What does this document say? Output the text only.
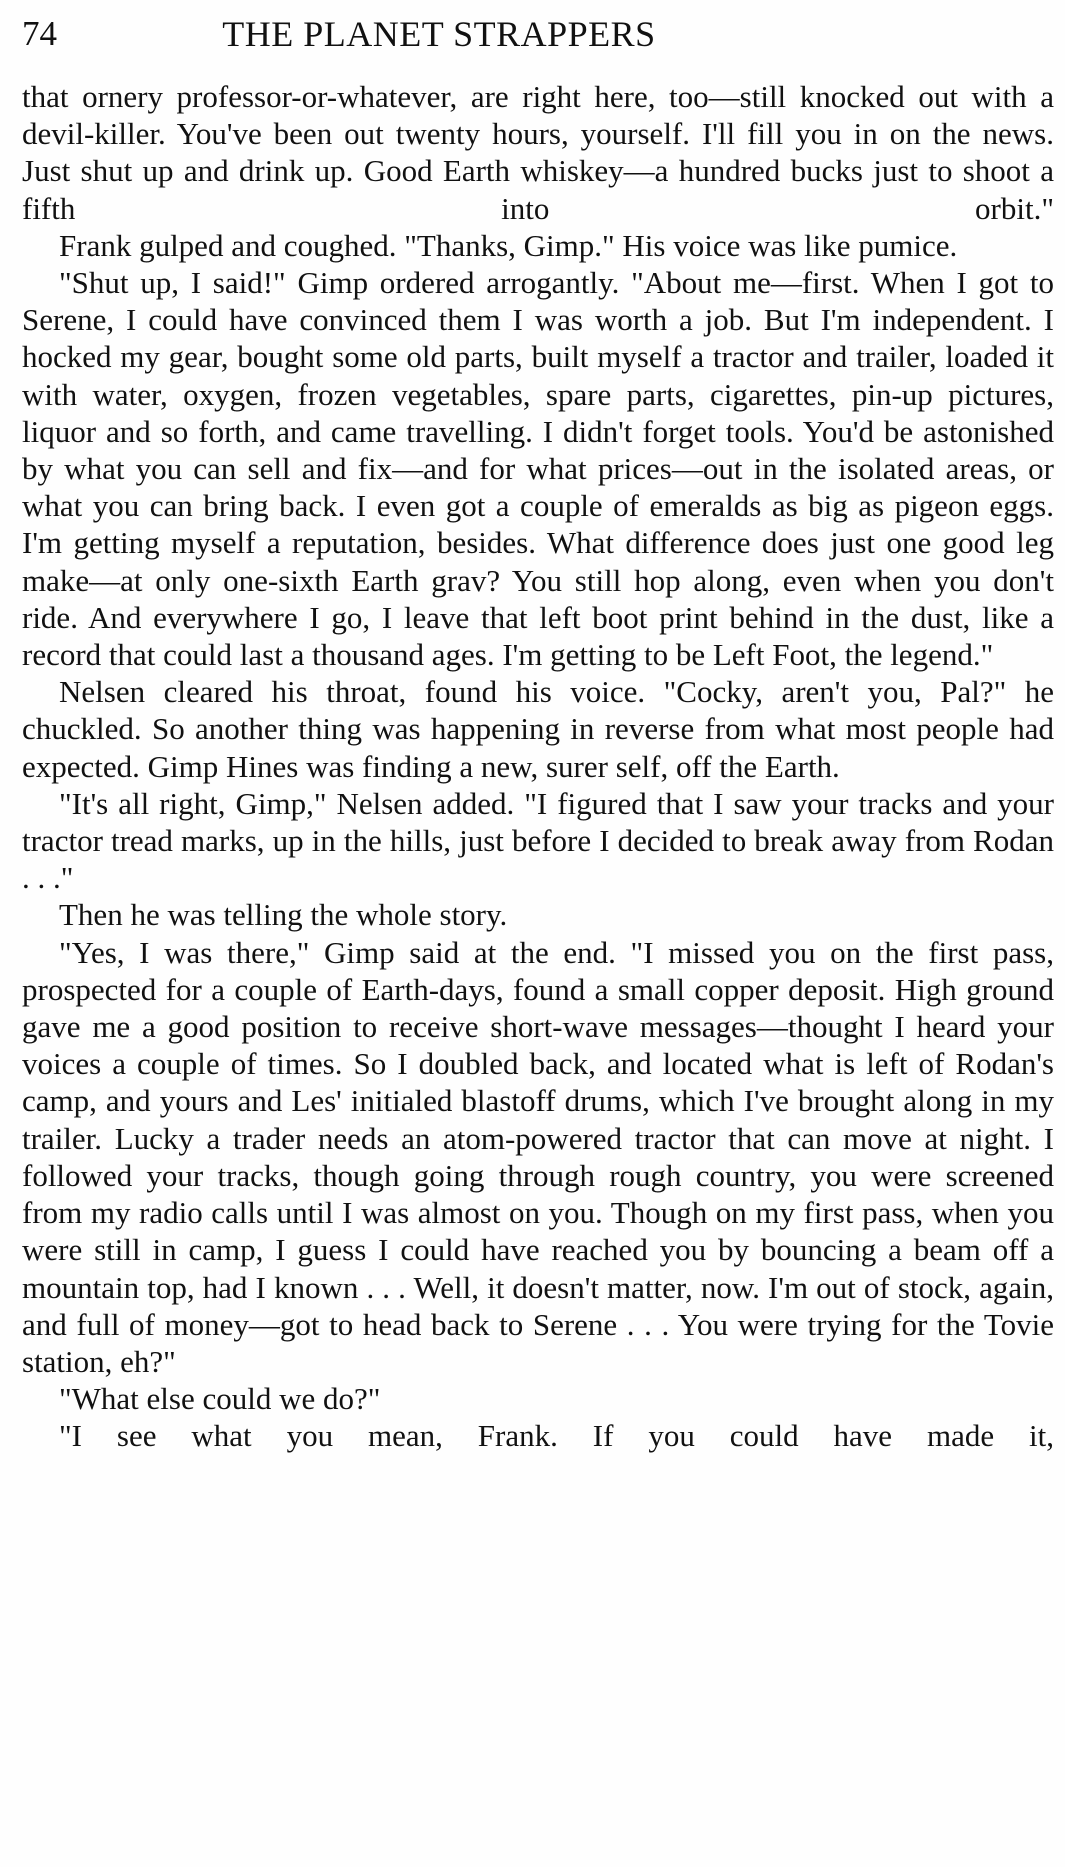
74	THE PLANET STRAPPERS

that ornery professor-or-whatever, are right here, too—still knocked out with a devil-killer. You've been out twenty hours, yourself. I'll fill you in on the news. Just shut up and drink up. Good Earth whiskey—a hundred bucks just to shoot a fifth into orbit."

Frank gulped and coughed. "Thanks, Gimp." His voice was like pumice.

"Shut up, I said!" Gimp ordered arrogantly. "About me—first. When I got to Serene, I could have convinced them I was worth a job. But I'm independent. I hocked my gear, bought some old parts, built myself a tractor and trailer, loaded it with water, oxygen, frozen vegetables, spare parts, cigarettes, pin-up pictures, liquor and so forth, and came travelling. I didn't forget tools. You'd be astonished by what you can sell and fix—and for what prices—out in the isolated areas, or what you can bring back. I even got a couple of emeralds as big as pigeon eggs. I'm getting myself a reputation, besides. What difference does just one good leg make—at only one-sixth Earth grav? You still hop along, even when you don't ride. And everywhere I go, I leave that left boot print behind in the dust, like a record that could last a thousand ages. I'm getting to be Left Foot, the legend."

Nelsen cleared his throat, found his voice. "Cocky, aren't you, Pal?" he chuckled. So another thing was happening in reverse from what most people had expected. Gimp Hines was finding a new, surer self, off the Earth.

"It's all right, Gimp," Nelsen added. "I figured that I saw your tracks and your tractor tread marks, up in the hills, just before I decided to break away from Rodan . . ."

Then he was telling the whole story.

"Yes, I was there," Gimp said at the end. "I missed you on the first pass, prospected for a couple of Earth-days, found a small copper deposit. High ground gave me a good position to receive short-wave messages—thought I heard your voices a couple of times. So I doubled back, and located what is left of Rodan's camp, and yours and Les' initialed blastoff drums, which I've brought along in my trailer. Lucky a trader needs an atom-powered tractor that can move at night. I followed your tracks, though going through rough country, you were screened from my radio calls until I was almost on you. Though on my first pass, when you were still in camp, I guess I could have reached you by bouncing a beam off a mountain top, had I known . . . Well, it doesn't matter, now. I'm out of stock, again, and full of money—got to head back to Serene . . . You were trying for the Tovie station, eh?"

"What else could we do?"

"I see what you mean, Frank. If you could have made it,
